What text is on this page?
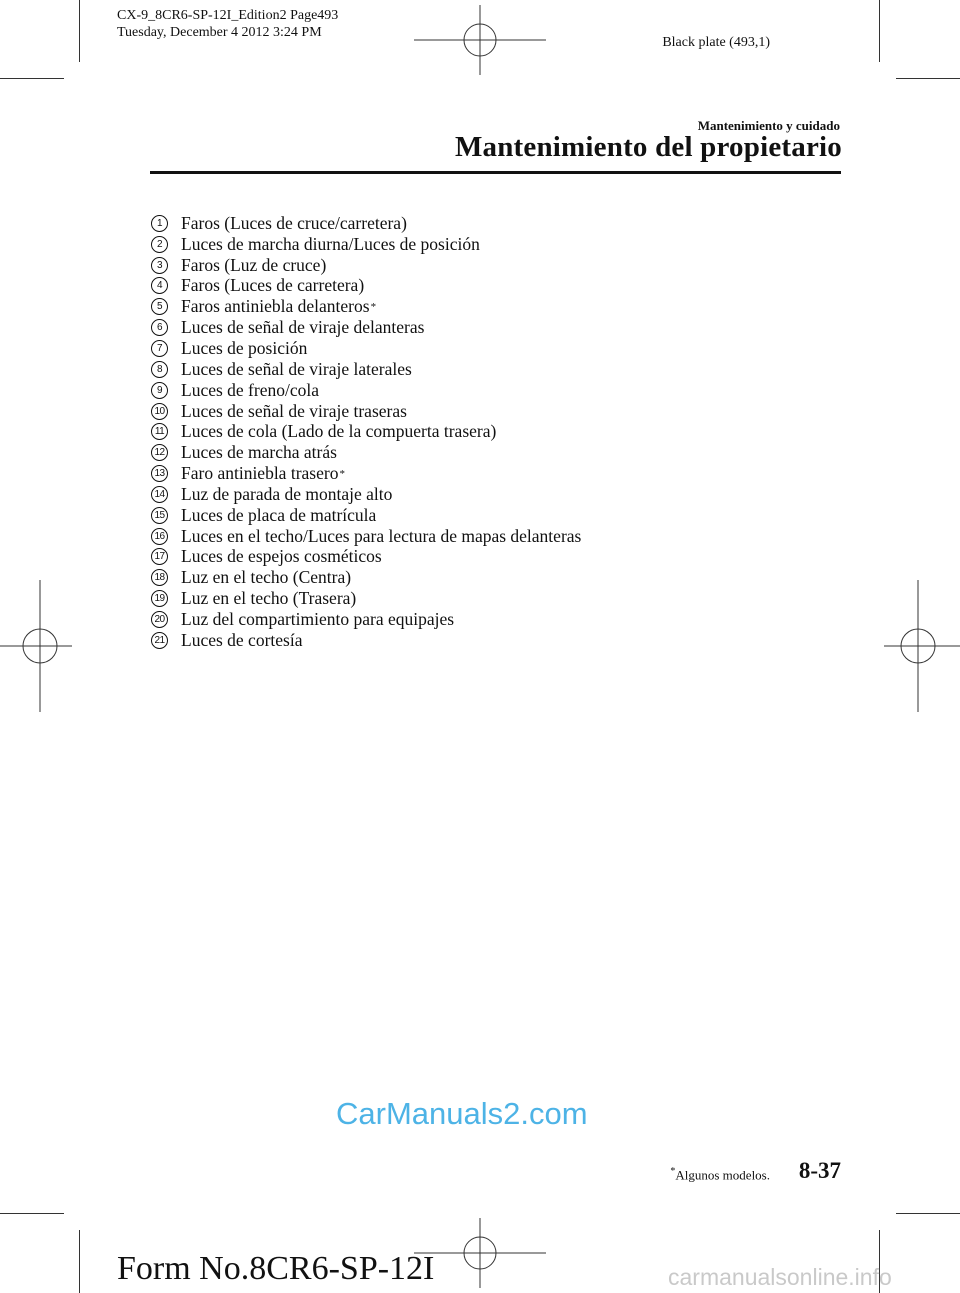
CX-9_8CR6-SP-12I_Edition2 Page493
Tuesday, December 4 2012 3:24 PM
Black plate (493,1)
Mantenimiento y cuidado
Mantenimiento del propietario
1	Faros (Luces de cruce/carretera)
2	Luces de marcha diurna/Luces de posición
3	Faros (Luz de cruce)
4	Faros (Luces de carretera)
5	Faros antiniebla delanteros *
6	Luces de señal de viraje delanteras
7	Luces de posición
8	Luces de señal de viraje laterales
9	Luces de freno/cola
10 Luces de señal de viraje traseras
11 Luces de cola (Lado de la compuerta trasera)
12 Luces de marcha atrás
13 Faro antiniebla trasero *
14 Luz de parada de montaje alto
15 Luces de placa de matrícula
16 Luces en el techo/Luces para lectura de mapas delanteras
17 Luces de espejos cosméticos
18 Luz en el techo (Centra)
19 Luz en el techo (Trasera)
20 Luz del compartimiento para equipajes
21 Luces de cortesía
*Algunos modelos. 8-37
Form No.8CR6-SP-12I
CarManuals2.com
carmanualsonline.info
